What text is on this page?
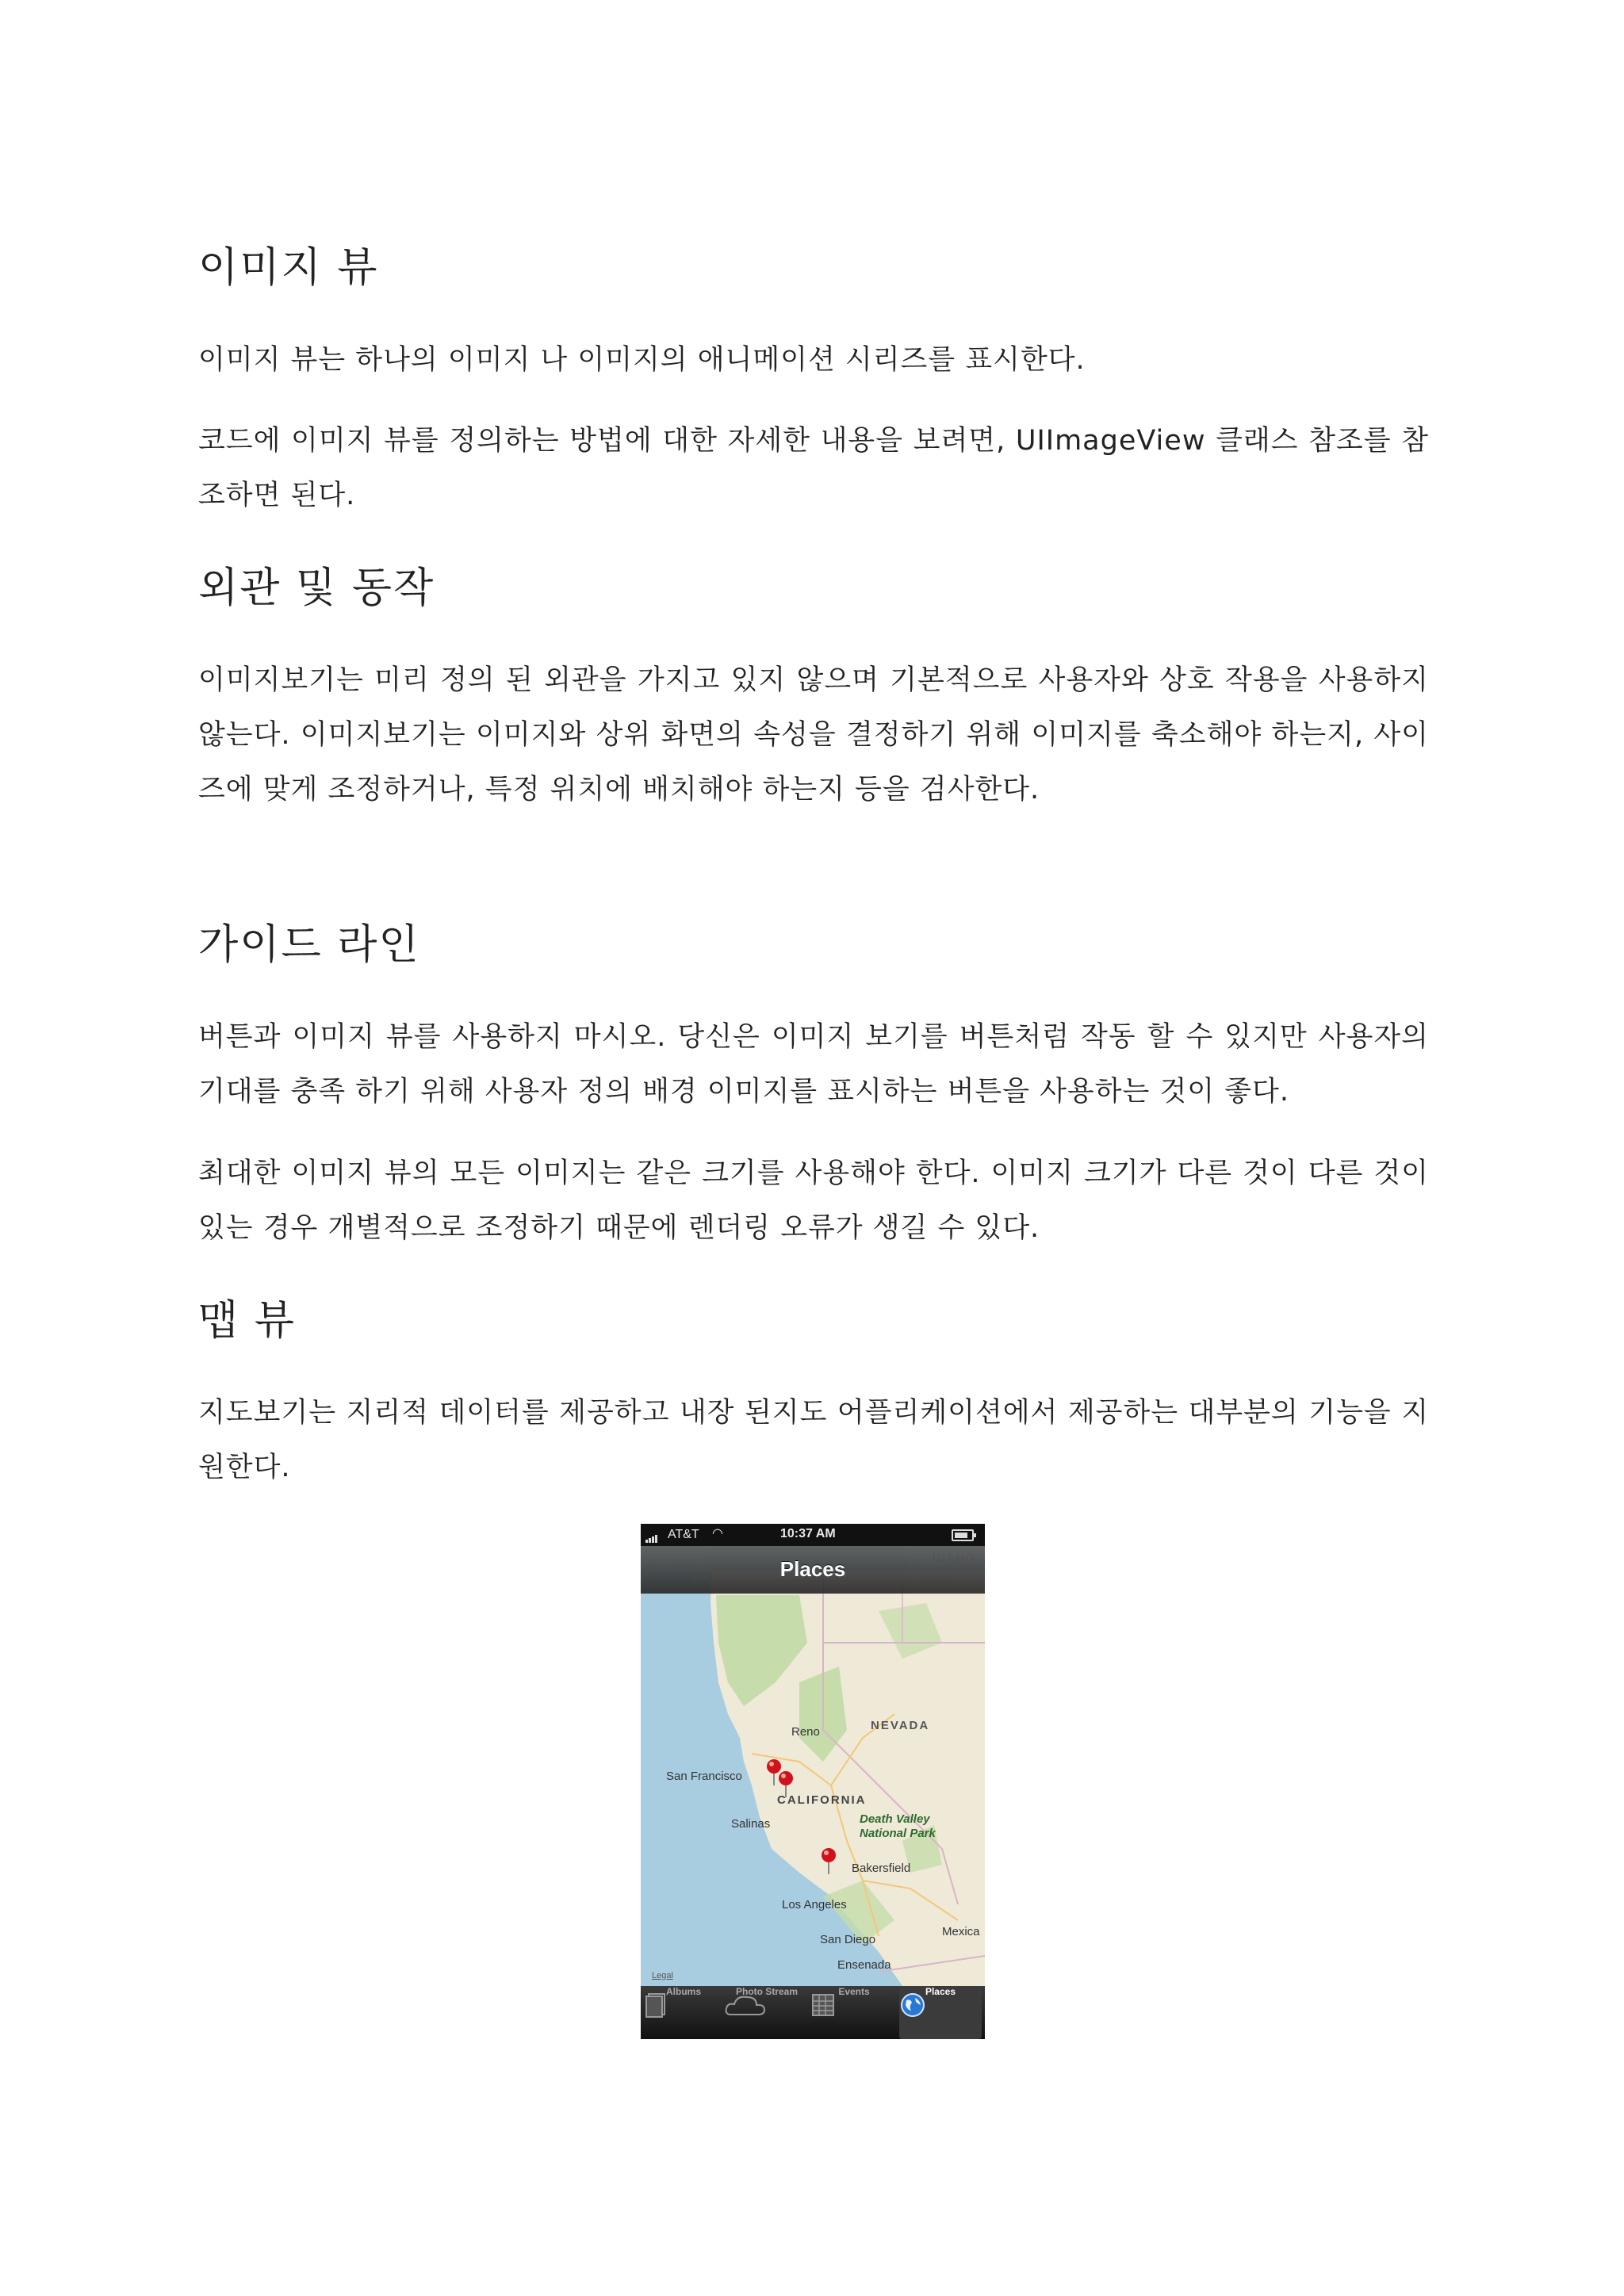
이미지 뷰

이미지 뷰는 하나의 이미지 나 이미지의 애니메이션 시리즈를 표시한다.

코드에 이미지 뷰를 정의하는 방법에 대한 자세한 내용을 보려면, UIImageView 클래스 참조를 참조하면 된다.

외관 및 동작

이미지보기는 미리 정의 된 외관을 가지고 있지 않으며 기본적으로 사용자와 상호 작용을 사용하지 않는다. 이미지보기는 이미지와 상위 화면의 속성을 결정하기 위해 이미지를 축소해야 하는지, 사이즈에 맞게 조정하거나, 특정 위치에 배치해야 하는지 등을 검사한다.

가이드 라인

버튼과 이미지 뷰를 사용하지 마시오. 당신은 이미지 보기를 버튼처럼 작동 할 수 있지만 사용자의 기대를 충족 하기 위해 사용자 정의 배경 이미지를 표시하는 버튼을 사용하는 것이 좋다.

최대한 이미지 뷰의 모든 이미지는 같은 크기를 사용해야 한다. 이미지 크기가 다른 것이 다른 것이 있는 경우 개별적으로 조정하기 때문에 렌더링 오류가 생길 수 있다.

맵 뷰

지도보기는 지리적 데이터를 제공하고 내장 된지도 어플리케이션에서 제공하는 대부분의 기능을 지원한다.

Reno	NEVADA
San Francisco
CALIFORNIA
Salinas	Death Valley
National Park
Bakersfield
Los Angeles
Mexica
San Diego
Ensenada
Legal
AT&T ◠	10:37 AM
Places
Albums	Photo Stream	Events	Places
